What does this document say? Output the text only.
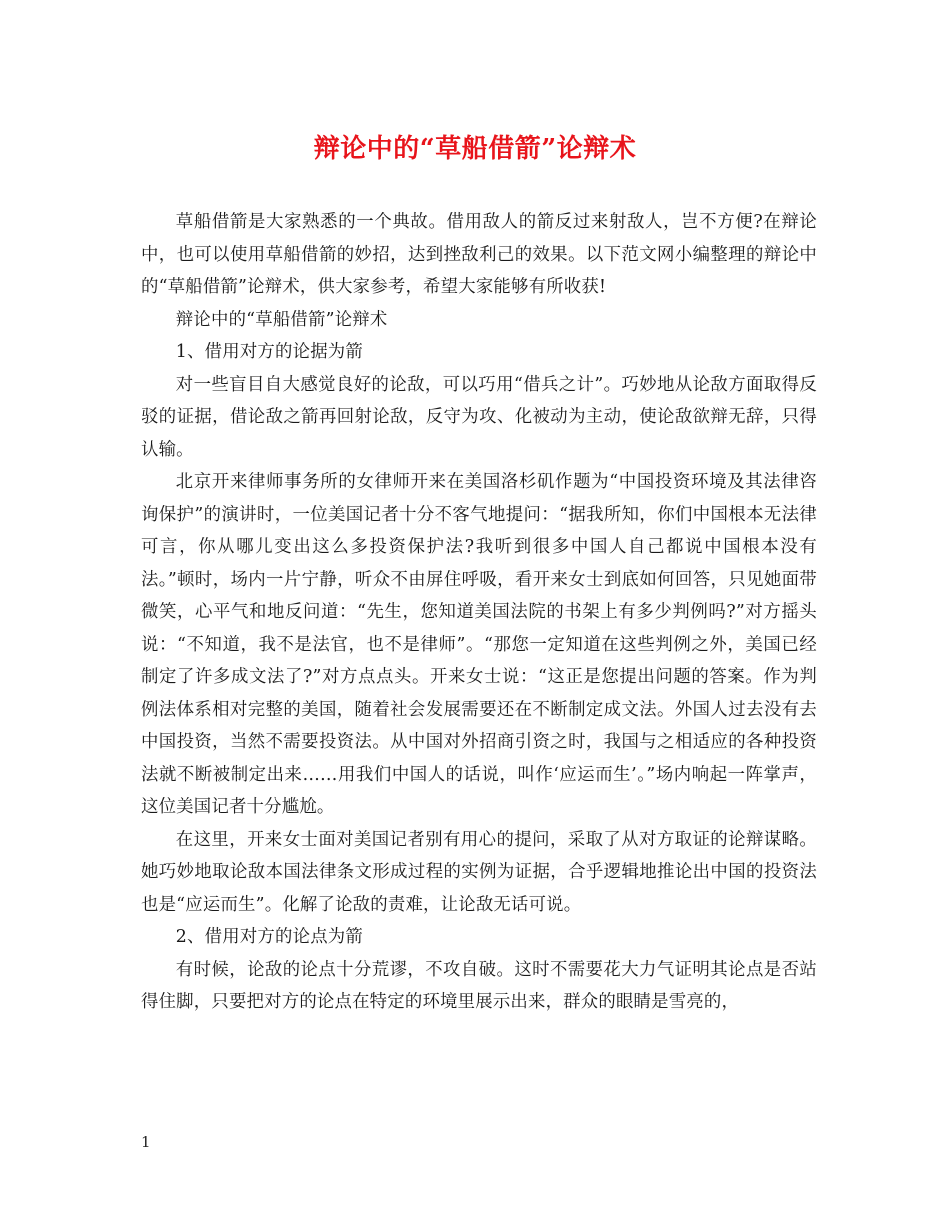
辩论中的“草船借箭”论辩术

草船借箭是大家熟悉的一个典故。借用敌人的箭反过来射敌人，岂不方便?在辩论中，也可以使用草船借箭的妙招，达到挫敌利己的效果。以下范文网小编整理的辩论中的“草船借箭”论辩术，供大家参考，希望大家能够有所收获!

辩论中的“草船借箭”论辩术

1、借用对方的论据为箭

对一些盲目自大感觉良好的论敌，可以巧用“借兵之计”。巧妙地从论敌方面取得反驳的证据，借论敌之箭再回射论敌，反守为攻、化被动为主动，使论敌欲辩无辞，只得认输。

北京开来律师事务所的女律师开来在美国洛杉矶作题为“中国投资环境及其法律咨询保护”的演讲时，一位美国记者十分不客气地提问：“据我所知，你们中国根本无法律可言，你从哪儿变出这么多投资保护法?我听到很多中国人自己都说中国根本没有法。”顿时，场内一片宁静，听众不由屏住呼吸，看开来女士到底如何回答，只见她面带微笑，心平气和地反问道：“先生，您知道美国法院的书架上有多少判例吗?”对方摇头说：“不知道，我不是法官，也不是律师”。“那您一定知道在这些判例之外，美国已经制定了许多成文法了?”对方点点头。开来女士说：“这正是您提出问题的答案。作为判例法体系相对完整的美国，随着社会发展需要还在不断制定成文法。外国人过去没有去中国投资，当然不需要投资法。从中国对外招商引资之时，我国与之相适应的各种投资法就不断被制定出来……用我们中国人的话说，叫作‘应运而生’。”场内响起一阵掌声，这位美国记者十分尴尬。

在这里，开来女士面对美国记者别有用心的提问，采取了从对方取证的论辩谋略。她巧妙地取论敌本国法律条文形成过程的实例为证据，合乎逻辑地推论出中国的投资法也是“应运而生”。化解了论敌的责难，让论敌无话可说。

2、借用对方的论点为箭

有时候，论敌的论点十分荒谬，不攻自破。这时不需要花大力气证明其论点是否站得住脚，只要把对方的论点在特定的环境里展示出来，群众的眼睛是雪亮的，

1
